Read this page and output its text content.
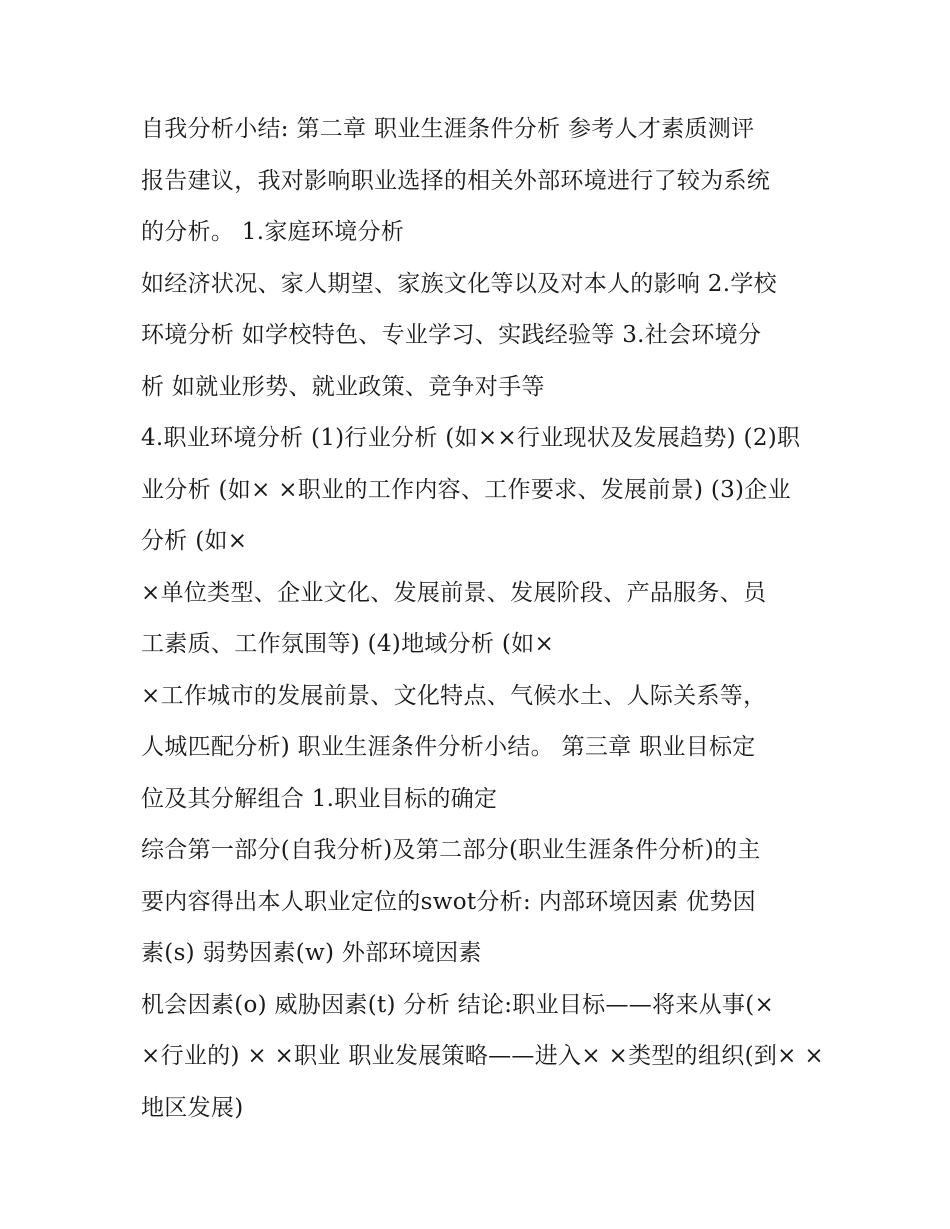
自我分析小结: 第二章 职业生涯条件分析 参考人才素质测评
报告建议，我对影响职业选择的相关外部环境进行了较为系统
的分析。 1.家庭环境分析
如经济状况、家人期望、家族文化等以及对本人的影响 2.学校
环境分析 如学校特色、专业学习、实践经验等 3.社会环境分
析 如就业形势、就业政策、竞争对手等
4.职业环境分析 (1)行业分析 (如××行业现状及发展趋势) (2)职
业分析 (如× ×职业的工作内容、工作要求、发展前景) (3)企业
分析 (如×
×单位类型、企业文化、发展前景、发展阶段、产品服务、员
工素质、工作氛围等) (4)地域分析 (如×
×工作城市的发展前景、文化特点、气候水土、人际关系等，
人城匹配分析) 职业生涯条件分析小结。 第三章 职业目标定
位及其分解组合 1.职业目标的确定
综合第一部分(自我分析)及第二部分(职业生涯条件分析)的主
要内容得出本人职业定位的swot分析: 内部环境因素 优势因
素(s) 弱势因素(w) 外部环境因素
机会因素(o) 威胁因素(t) 分析 结论:职业目标——将来从事(×
×行业的) × ×职业 职业发展策略——进入× ×类型的组织(到× ×
地区发展)
